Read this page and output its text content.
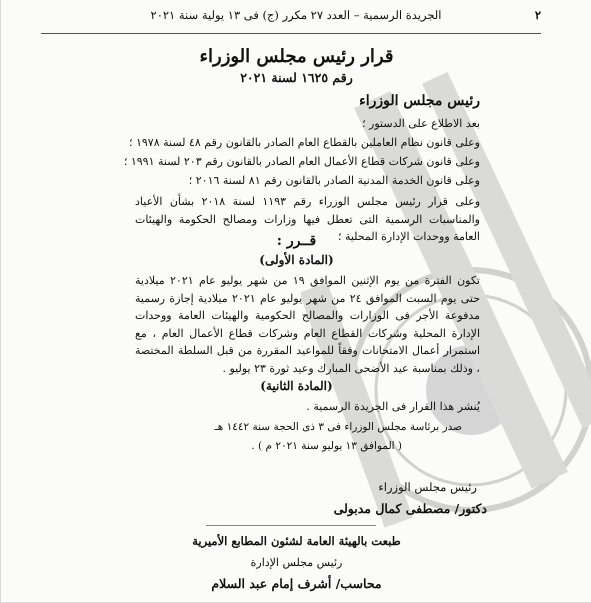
٢
الجريدة الرسمية – العدد ٢٧ مكرر (ج) فى ١٣ يولية سنة ٢٠٢١
قرار رئيس مجلس الوزراء
رقم ١٦٢٥ لسنة ٢٠٢١
رئيس مجلس الوزراء
بعد الاطلاع على الدستور ؛
وعلى قانون نظام العاملين بالقطاع العام الصادر بالقانون رقم ٤٨ لسنة ١٩٧٨ ؛
وعلى قانون شركات قطاع الأعمال العام الصادر بالقانون رقم ٢٠٣ لسنة ١٩٩١ ؛
وعلى قانون الخدمة المدنية الصادر بالقانون رقم ٨١ لسنة ٢٠١٦ ؛
وعلى قرار رئيس مجلس الوزراء رقم ١١٩٣ لسنة ٢٠١٨ بشأن الأعياد والمناسبات الرسمية التى تعطل فيها وزارات ومصالح الحكومة والهيئات العامة ووحدات الإدارة المحلية ؛
قــرر :
(المادة الأولى)
تكون الفترة من يوم الإثنين الموافق ١٩ من شهر يوليو عام ٢٠٢١ ميلادية حتى يوم السبت الموافق ٢٤ من شهر يوليو عام ٢٠٢١ ميلادية إجازة رسمية مدفوعة الأجر فى الوزارات والمصالح الحكومية والهيئات العامة ووحدات الإدارة المحلية وشركات القطاع العام وشركات قطاع الأعمال العام ، مع استمرار أعمال الامتحانات وفقاً للمواعيد المقررة من قبل السلطة المختصة ، وذلك بمناسبة عيد الأضحى المبارك وعيد ثورة ٢٣ يوليو .
(المادة الثانية)
يُنشر هذا القرار فى الجريدة الرسمية .
صدر برئاسة مجلس الوزراء فى ٣ ذى الحجة سنة ١٤٤٢ هـ
( الموافق ١٣ يوليو سنة ٢٠٢١ م ) .
رئيس مجلس الوزراء
دكتور/ مصطفى كمال مدبولى
طبعت بالهيئة العامة لشئون المطابع الأميرية
رئيس مجلس الإدارة
محاسب/ أشرف إمام عبد السلام
